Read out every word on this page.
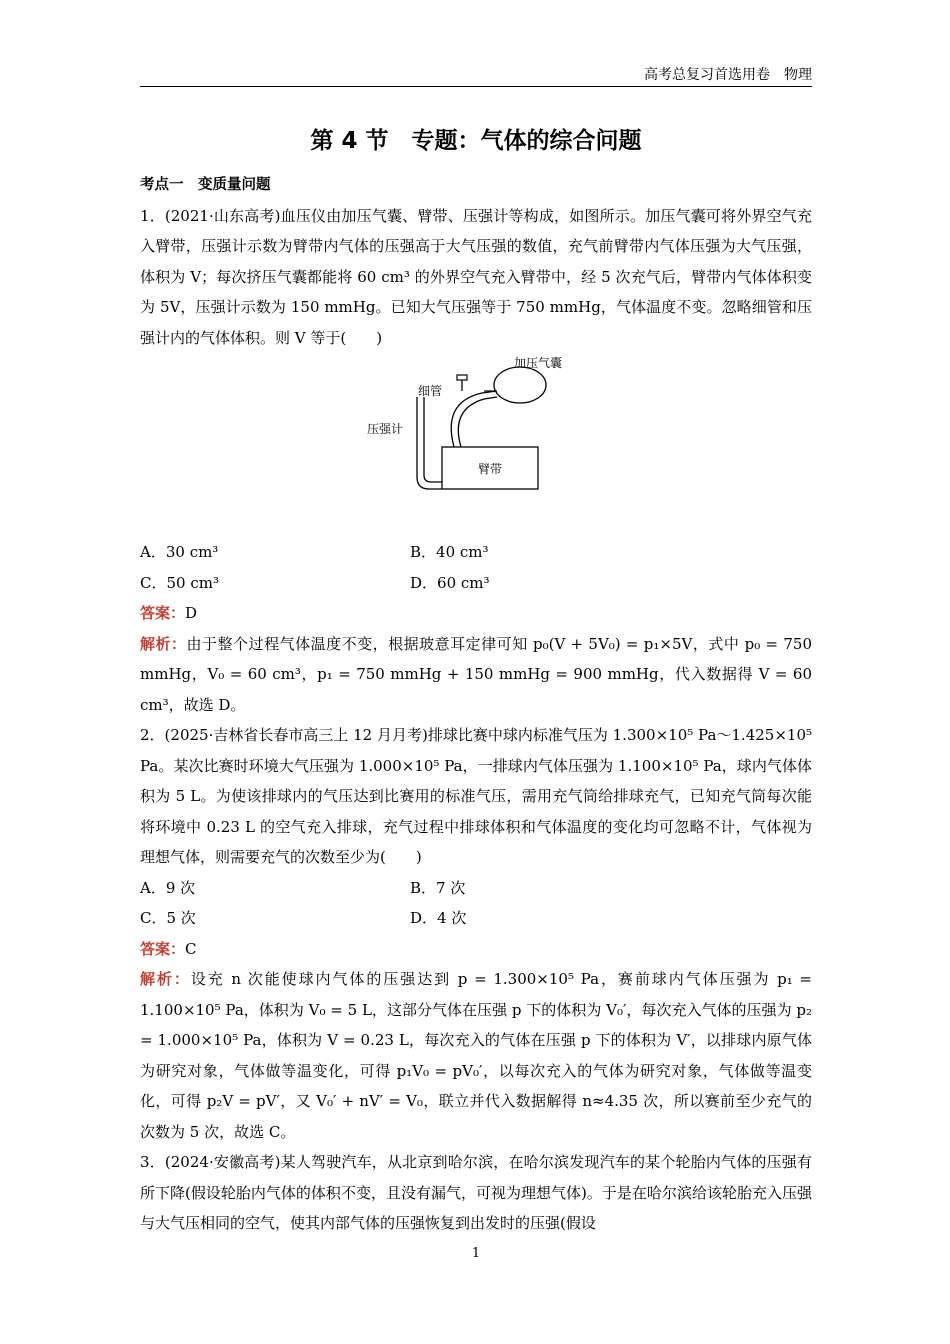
高考总复习首选用卷　物理
第 4 节　专题：气体的综合问题

考点一　变质量问题

1．(2021·山东高考)血压仪由加压气囊、臂带、压强计等构成，如图所示。加压气囊可将外界空气充入臂带，压强计示数为臂带内气体的压强高于大气压强的数值，充气前臂带内气体压强为大气压强，体积为 V；每次挤压气囊都能将 60 cm³ 的外界空气充入臂带中，经 5 次充气后，臂带内气体体积变为 5V，压强计示数为 150 mmHg。已知大气压强等于 750 mmHg，气体温度不变。忽略细管和压强计内的气体体积。则 V 等于(　　)

加压气囊
细管
压强计
臂带
A．30 cm³	B．40 cm³
C．50 cm³	D．60 cm³

答案：D

解析：由于整个过程气体温度不变，根据玻意耳定律可知 p₀(V + 5V₀) = p₁×5V，式中 p₀ = 750 mmHg，V₀ = 60 cm³，p₁ = 750 mmHg + 150 mmHg = 900 mmHg，代入数据得 V = 60 cm³，故选 D。

2．(2025·吉林省长春市高三上 12 月月考)排球比赛中球内标准气压为 1.300×10⁵ Pa～1.425×10⁵ Pa。某次比赛时环境大气压强为 1.000×10⁵ Pa，一排球内气体压强为 1.100×10⁵ Pa，球内气体体积为 5 L。为使该排球内的气压达到比赛用的标准气压，需用充气筒给排球充气，已知充气筒每次能将环境中 0.23 L 的空气充入排球，充气过程中排球体积和气体温度的变化均可忽略不计，气体视为理想气体，则需要充气的次数至少为(　　)

A．9 次	B．7 次
C．5 次	D．4 次

答案：C

解析：设充 n 次能使球内气体的压强达到 p = 1.300×10⁵ Pa，赛前球内气体压强为 p₁ = 1.100×10⁵ Pa，体积为 V₀ = 5 L，这部分气体在压强 p 下的体积为 V₀′，每次充入气体的压强为 p₂ = 1.000×10⁵ Pa，体积为 V = 0.23 L，每次充入的气体在压强 p 下的体积为 V′，以排球内原气体为研究对象，气体做等温变化，可得 p₁V₀ = pV₀′，以每次充入的气体为研究对象，气体做等温变化，可得 p₂V = pV′，又 V₀′ + nV′ = V₀，联立并代入数据解得 n≈4.35 次，所以赛前至少充气的次数为 5 次，故选 C。

3．(2024·安徽高考)某人驾驶汽车，从北京到哈尔滨，在哈尔滨发现汽车的某个轮胎内气体的压强有所下降(假设轮胎内气体的体积不变，且没有漏气，可视为理想气体)。于是在哈尔滨给该轮胎充入压强与大气压相同的空气，使其内部气体的压强恢复到出发时的压强(假设

1
